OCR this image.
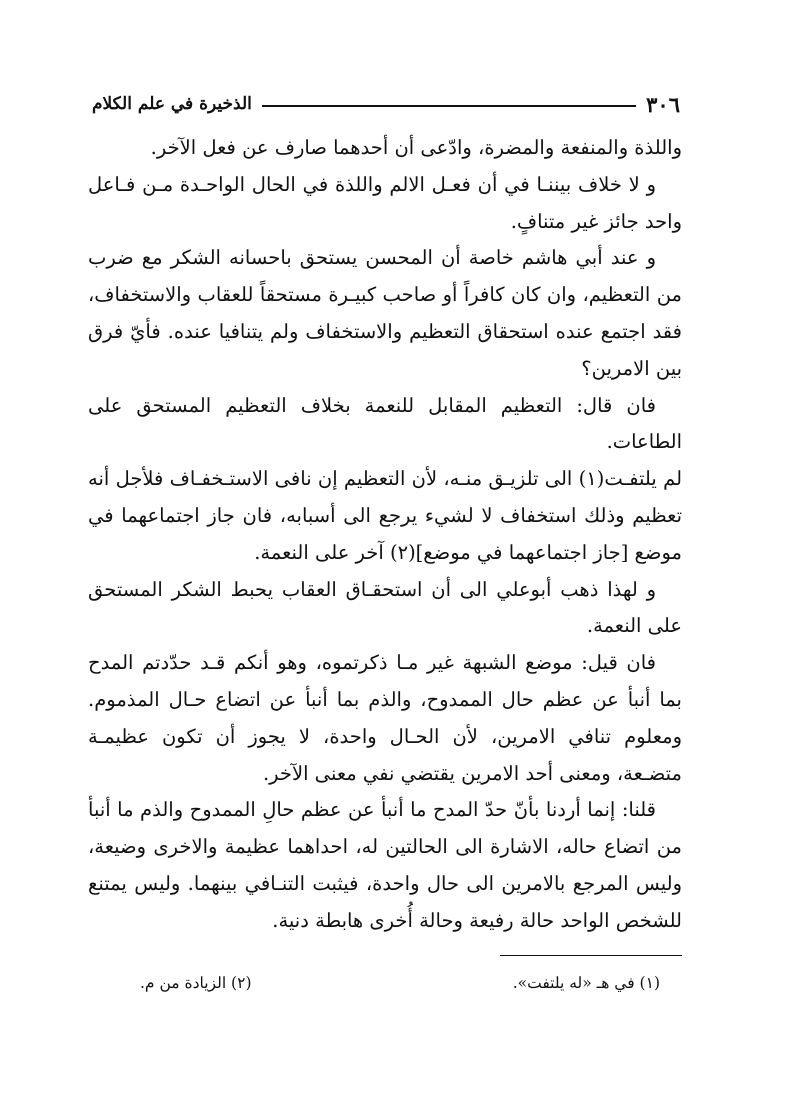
٣٠٦
الذخيرة في علم الكلام

واللذة والمنفعة والمضرة، وادّعى أن أحدهما صارف عن فعل الآخر.

و لا خلاف بيننـا في أن فعـل الالم واللذة في الحال الواحـدة مـن فـاعل واحد جائز غير متنافٍ.

و عند أبي هاشم خاصة أن المحسن يستحق باحسانه الشكر مع ضرب من التعظيم، وان كان كافراً أو صاحب كبيـرة مستحقاً للعقاب والاستخفاف، فقد اجتمع عنده استحقاق التعظيم والاستخفاف ولم يتنافيا عنده. فأيّ فرق بين الامرين؟

فان قال: التعظيم المقابل للنعمة بخلاف التعظيم المستحق على الطاعات.

لم يلتفـت(١) الى تلزيـق منـه، لأن التعظيم إن نافى الاستـخفـاف فلأجل أنه تعظيم وذلك استخفاف لا لشيء يرجع الى أسبابه، فان جاز اجتماعهما في موضع [جاز اجتماعهما في موضع](٢) آخر على النعمة.

و لهذا ذهب أبوعلي الى أن استحقـاق العقاب يحبط الشكر المستحق على النعمة.

فان قيل: موضع الشبهة غير مـا ذكرتموه، وهو أنكم قـد حدّدتم المدح بما أنبأ عن عظم حال الممدوح، والذم بما أنبأ عن اتضاع حـال المذموم. ومعلوم تنافي الامرين، لأن الحـال واحدة، لا يجوز أن تكون عظيمـة متضـعة، ومعنى أحد الامرين يقتضي نفي معنى الآخر.

قلنا: إنما أردنا بأنّ حدّ المدح ما أنبأ عن عظم حالِ الممدوح والذم ما أنبأ من اتضاع حاله، الاشارة الى الحالتين له، احداهما عظيمة والاخرى وضيعة، وليس المرجع بالامرين الى حال واحدة، فيثبت التنـافي بينهما. وليس يمتنع للشخص الواحد حالة رفيعة وحالة أُخرى هابطة دنية.

(١) في هـ «له يلتفت».
(٢) الزيادة من م.
